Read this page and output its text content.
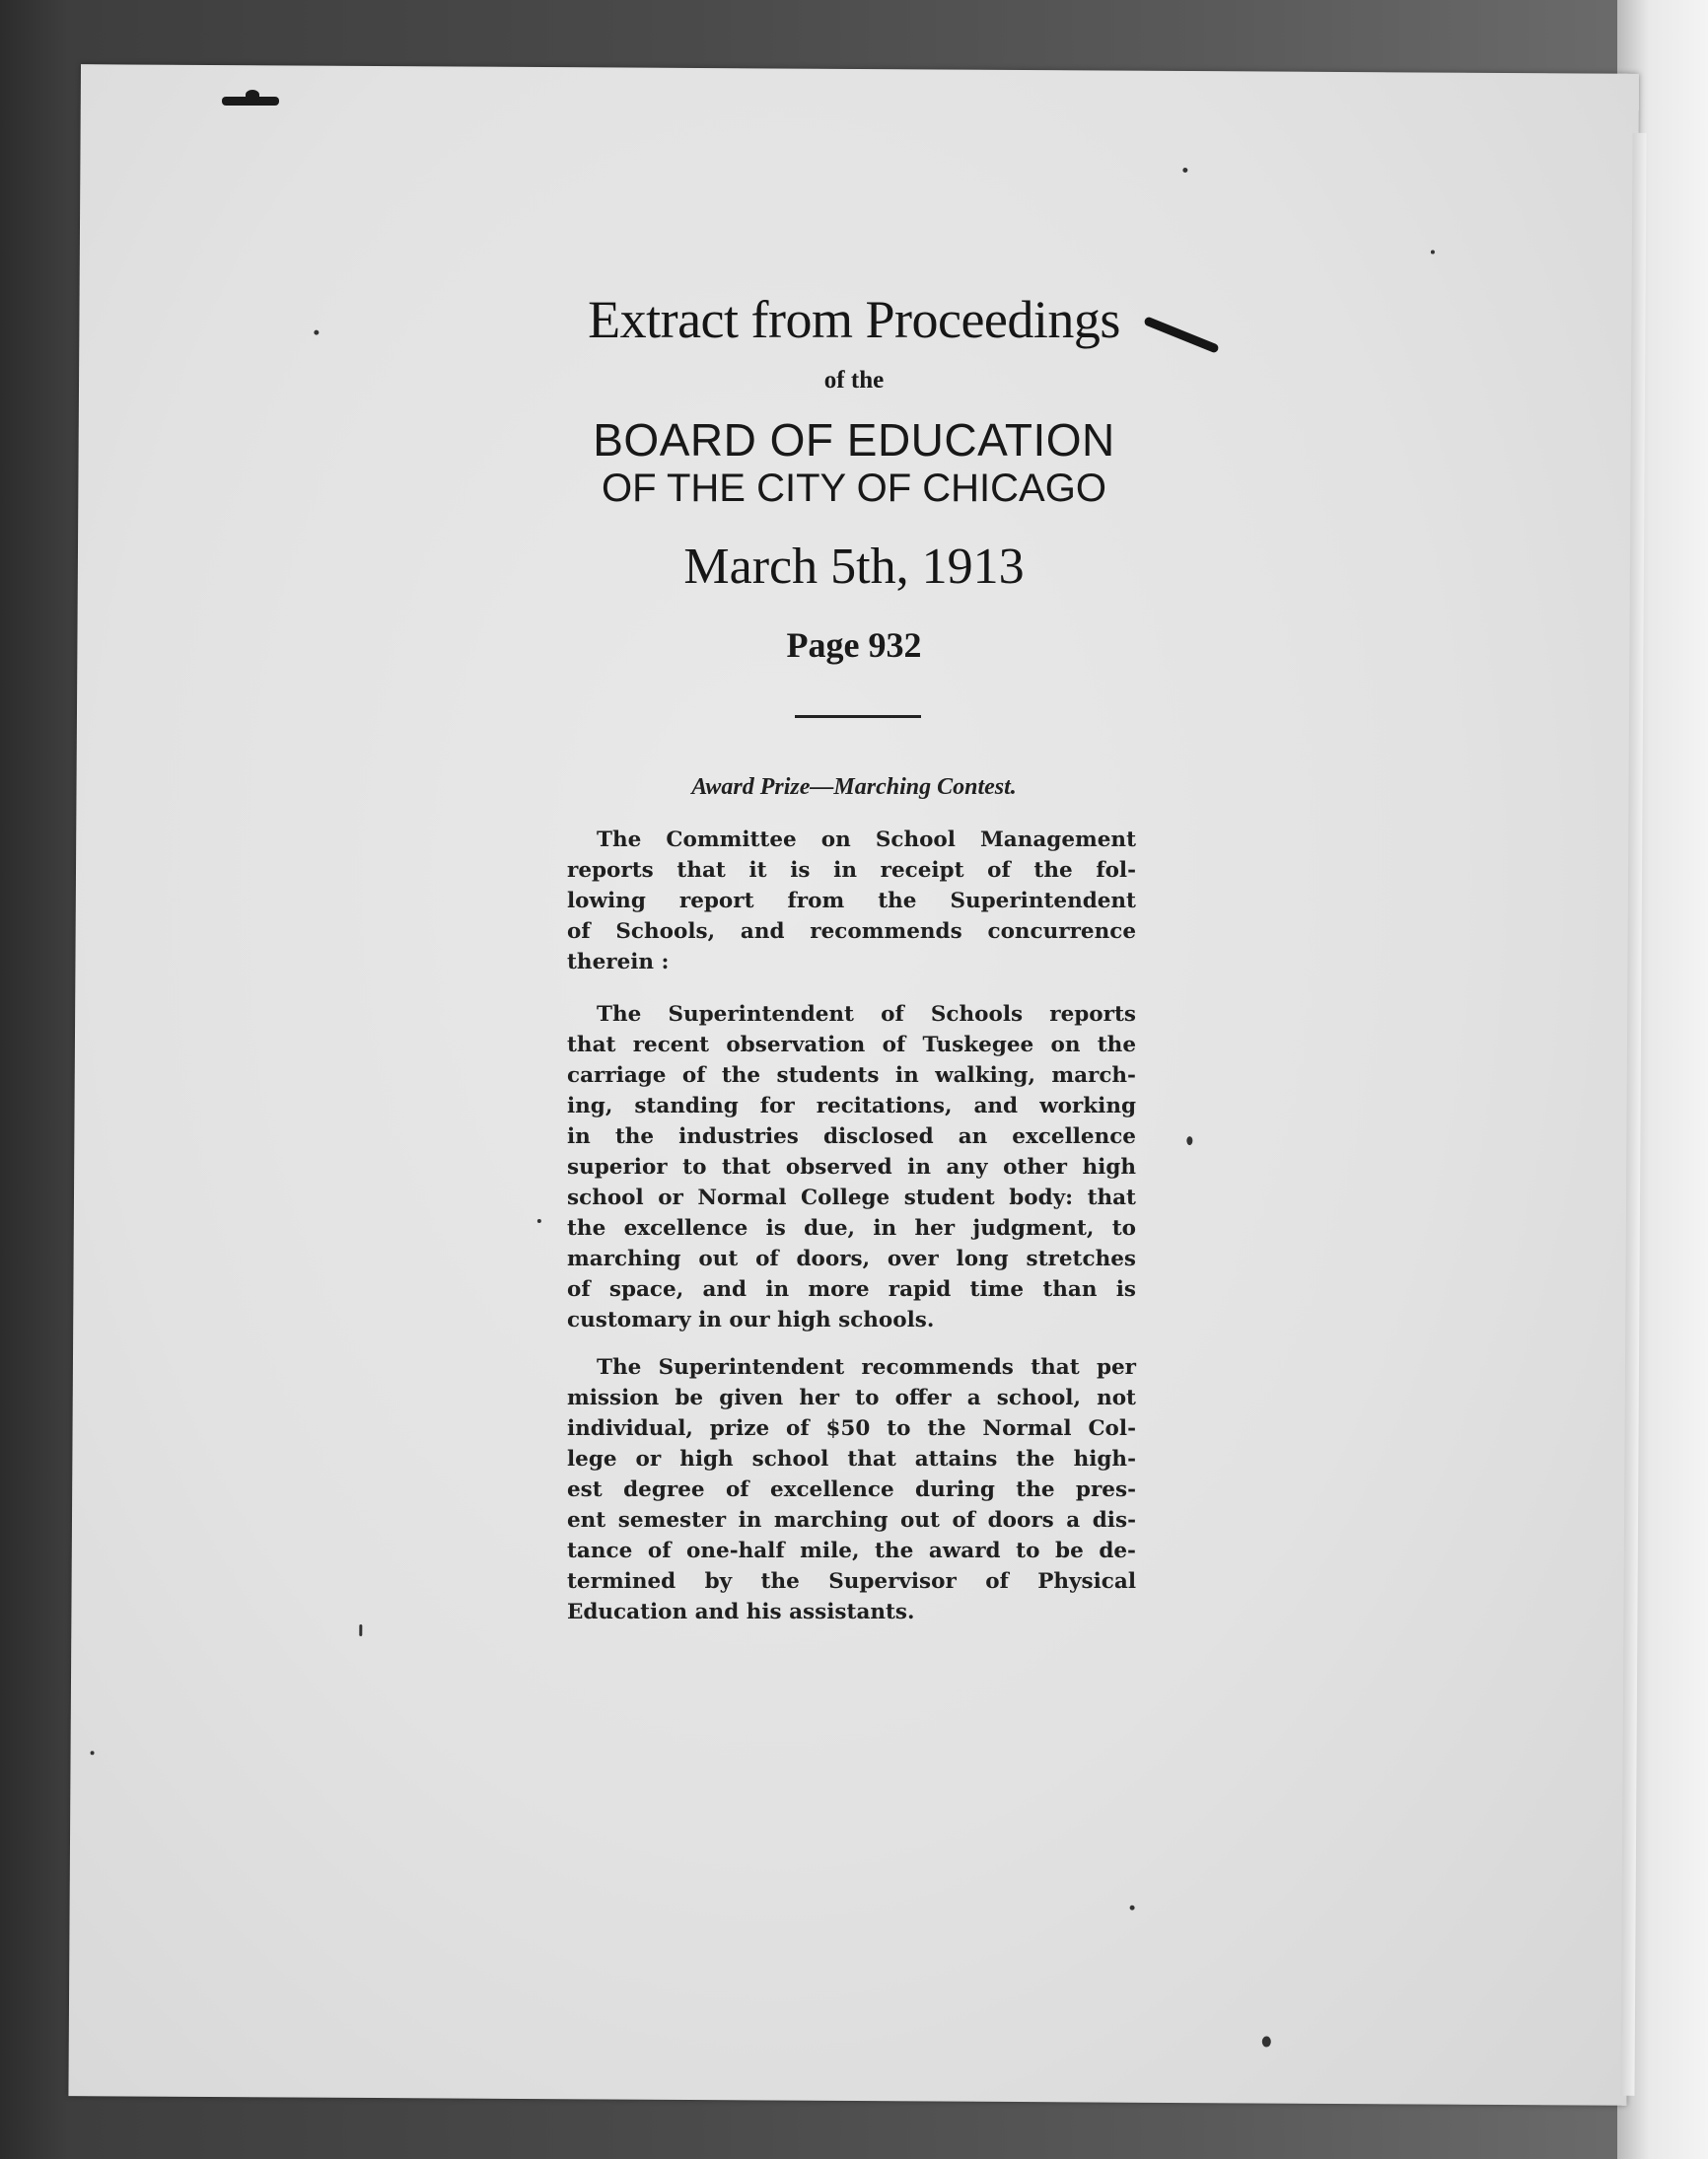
Extract from Proceedings
of the
BOARD OF EDUCATION
OF THE CITY OF CHICAGO
March 5th, 1913
Page 932
Award Prize—Marching Contest.
The Committee on School Management
reports that it is in receipt of the fol-
lowing report from the Superintendent
of Schools, and recommends concurrence
therein :
The Superintendent of Schools reports
that recent observation of Tuskegee on the
carriage of the students in walking, march-
ing, standing for recitations, and working
in the industries disclosed an excellence
superior to that observed in any other high
school or Normal College student body: that
the excellence is due, in her judgment, to
marching out of doors, over long stretches
of space, and in more rapid time than is
customary in our high schools.
The Superintendent recommends that per
mission be given her to offer a school, not
individual, prize of $50 to the Normal Col-
lege or high school that attains the high-
est degree of excellence during the pres-
ent semester in marching out of doors a dis-
tance of one-half mile, the award to be de-
termined by the Supervisor of Physical
Education and his assistants.
